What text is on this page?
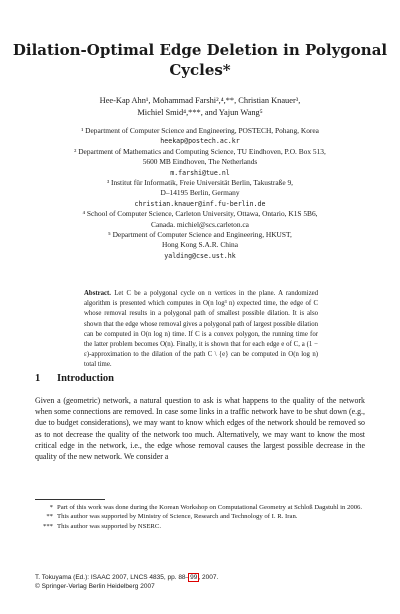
Dilation-Optimal Edge Deletion in Polygonal
Cycles*
Hee-Kap Ahn¹, Mohammad Farshi²,⁴,**, Christian Knauer³,
Michiel Smid⁴,***, and Yajun Wang⁵
¹ Department of Computer Science and Engineering, POSTECH, Pohang, Korea
heekap@postech.ac.kr
² Department of Mathematics and Computing Science, TU Eindhoven, P.O. Box 513,
5600 MB Eindhoven, The Netherlands
m.farshi@tue.nl
³ Institut für Informatik, Freie Universität Berlin, Takustraße 9,
D–14195 Berlin, Germany
christian.knauer@inf.fu-berlin.de
⁴ School of Computer Science, Carleton University, Ottawa, Ontario, K1S 5B6,
Canada. michiel@scs.carleton.ca
⁵ Department of Computer Science and Engineering, HKUST,
Hong Kong S.A.R. China
yalding@cse.ust.hk
Abstract. Let C be a polygonal cycle on n vertices in the plane. A randomized algorithm is presented which computes in O(n log³ n) expected time, the edge of C whose removal results in a polygonal path of smallest possible dilation. It is also shown that the edge whose removal gives a polygonal path of largest possible dilation can be computed in O(n log n) time. If C is a convex polygon, the running time for the latter problem becomes O(n). Finally, it is shown that for each edge e of C, a (1 − ε)-approximation to the dilation of the path C \ {e} can be computed in O(n log n) total time.
1 Introduction
Given a (geometric) network, a natural question to ask is what happens to the quality of the network when some connections are removed. In case some links in a traffic network have to be shut down (e.g., due to budget considerations), we may want to know which edges of the network should be removed so as to not decrease the quality of the network too much. Alternatively, we may want to know the most critical edge in the network, i.e., the edge whose removal causes the largest possible decrease in the quality of the new network. We consider a
* Part of this work was done during the Korean Workshop on Computational Geometry at Schloß Dagstuhl in 2006.
** This author was supported by Ministry of Science, Research and Technology of I. R. Iran.
*** This author was supported by NSERC.
T. Tokuyama (Ed.): ISAAC 2007, LNCS 4835, pp. 88–99, 2007.
© Springer-Verlag Berlin Heidelberg 2007
